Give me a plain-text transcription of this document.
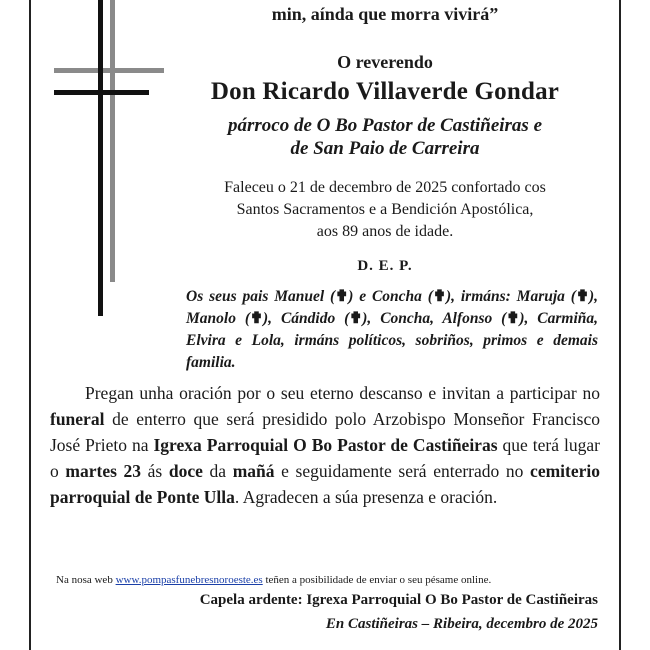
min, aínda que morra vivirá”
O reverendo
Don Ricardo Villaverde Gondar
párroco de O Bo Pastor de Castiñeiras e
de San Paio de Carreira
Faleceu o 21 de decembro de 2025 confortado cos
Santos Sacramentos e a Bendición Apostólica,
aos 89 anos de idade.
D. E. P.
Os seus pais Manuel (✟) e Concha (✟), irmáns: Maruja (✟), Manolo (✟), Cándido (✟), Concha, Alfonso (✟), Carmiña, Elvira e Lola, irmáns políticos, sobriños, primos e demais familia.
Pregan unha oración por o seu eterno descanso e invitan a participar no funeral de enterro que será presidido polo Arzobispo Monseñor Francisco José Prieto na Igrexa Parroquial O Bo Pastor de Castiñeiras que terá lugar o martes 23 ás doce da mañá e seguidamente será enterrado no cemiterio parroquial de Ponte Ulla. Agradecen a súa presenza e oración.
Na nosa web www.pompasfunebresnoroeste.es teñen a posibilidade de enviar o seu pésame online.
Capela ardente: Igrexa Parroquial O Bo Pastor de Castiñeiras
En Castiñeiras – Ribeira, decembro de 2025
